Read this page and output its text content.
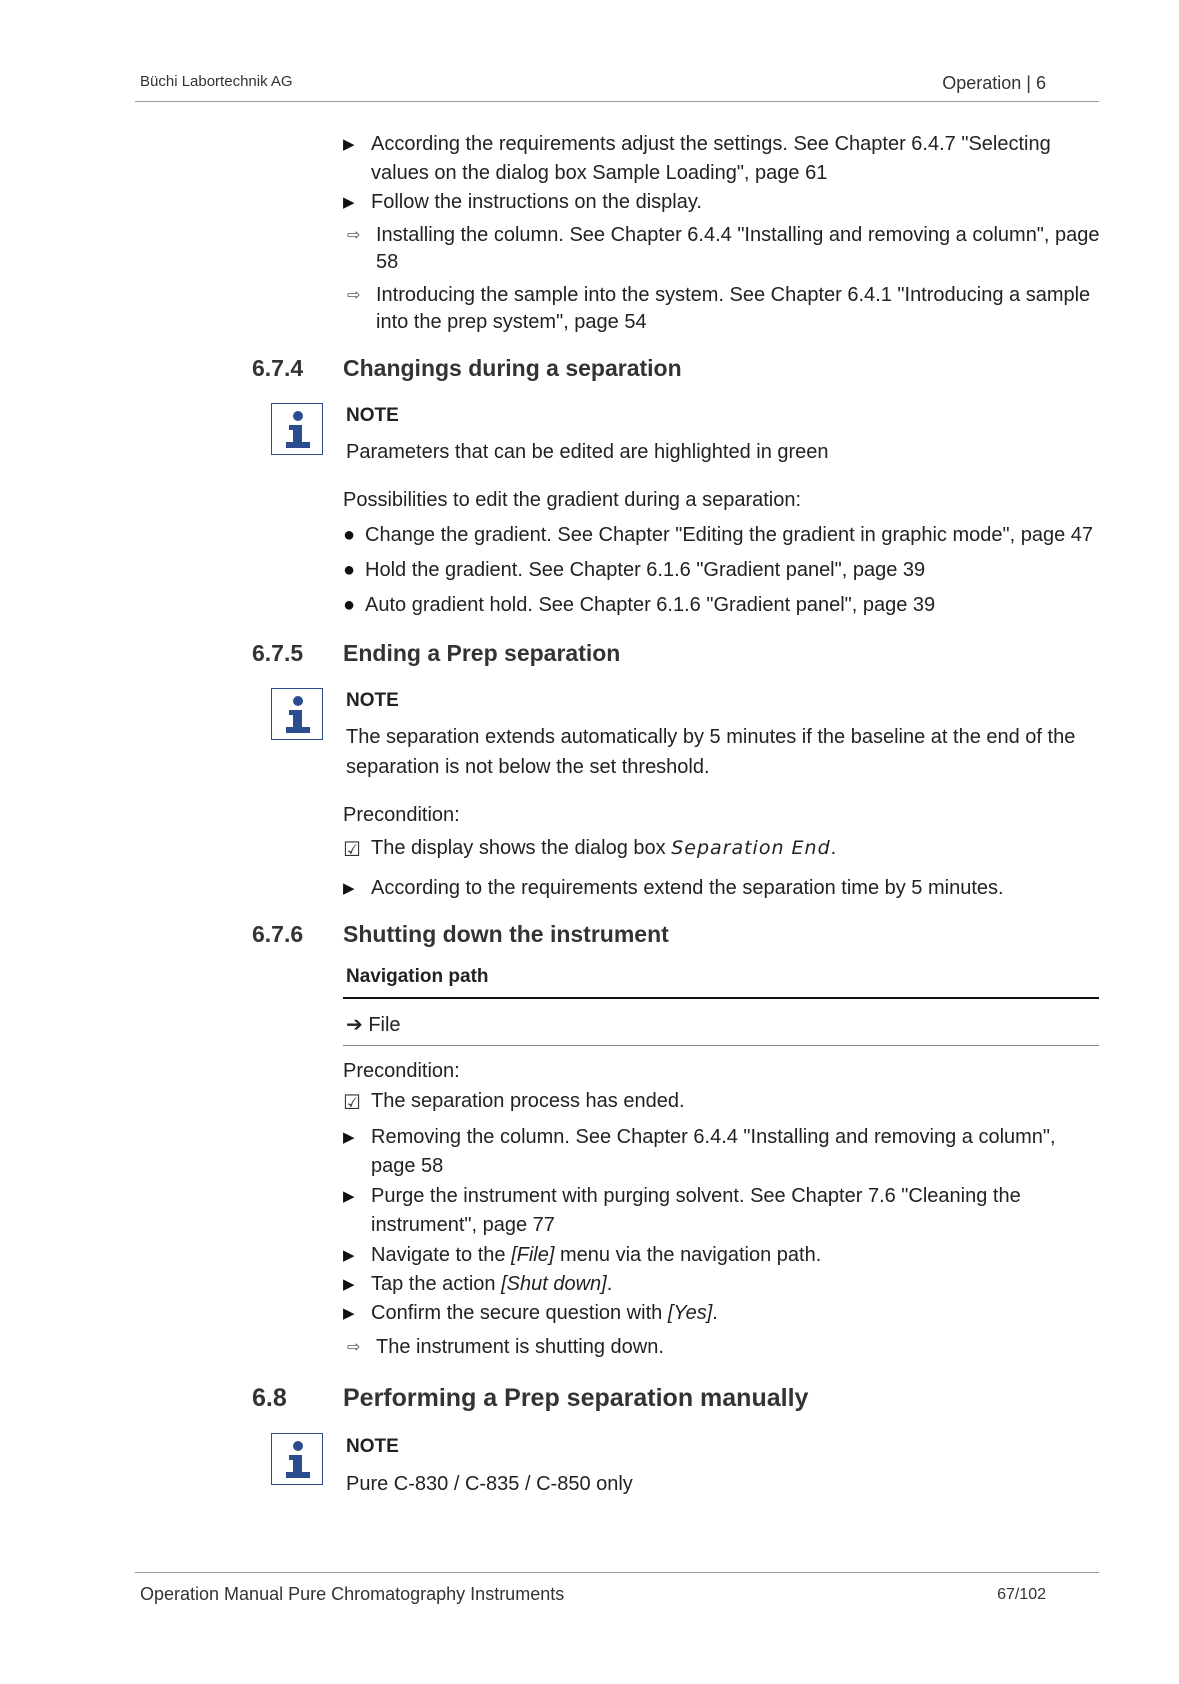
Büchi Labortechnik AG	Operation | 6
▶ According the requirements adjust the settings. See Chapter 6.4.7 "Selecting values on the dialog box Sample Loading", page 61
▶ Follow the instructions on the display.
⇨ Installing the column. See Chapter 6.4.4 "Installing and removing a column", page 58
⇨ Introducing the sample into the system. See Chapter 6.4.1 "Introducing a sample into the prep system", page 54
6.7.4 Changings during a separation
NOTE
Parameters that can be edited are highlighted in green
Possibilities to edit the gradient during a separation:
● Change the gradient. See Chapter "Editing the gradient in graphic mode", page 47
● Hold the gradient. See Chapter 6.1.6 "Gradient panel", page 39
● Auto gradient hold. See Chapter 6.1.6 "Gradient panel", page 39
6.7.5 Ending a Prep separation
NOTE
The separation extends automatically by 5 minutes if the baseline at the end of the separation is not below the set threshold.
Precondition:
☑ The display shows the dialog box Separation End.
▶ According to the requirements extend the separation time by 5 minutes.
6.7.6 Shutting down the instrument
Navigation path
➔ File
Precondition:
☑ The separation process has ended.
▶ Removing the column. See Chapter 6.4.4 "Installing and removing a column", page 58
▶ Purge the instrument with purging solvent. See Chapter 7.6 "Cleaning the instrument", page 77
▶ Navigate to the [File] menu via the navigation path.
▶ Tap the action [Shut down].
▶ Confirm the secure question with [Yes].
⇨ The instrument is shutting down.
6.8 Performing a Prep separation manually
NOTE
Pure C-830 / C-835 / C-850 only
Operation Manual Pure Chromatography Instruments	67/102
